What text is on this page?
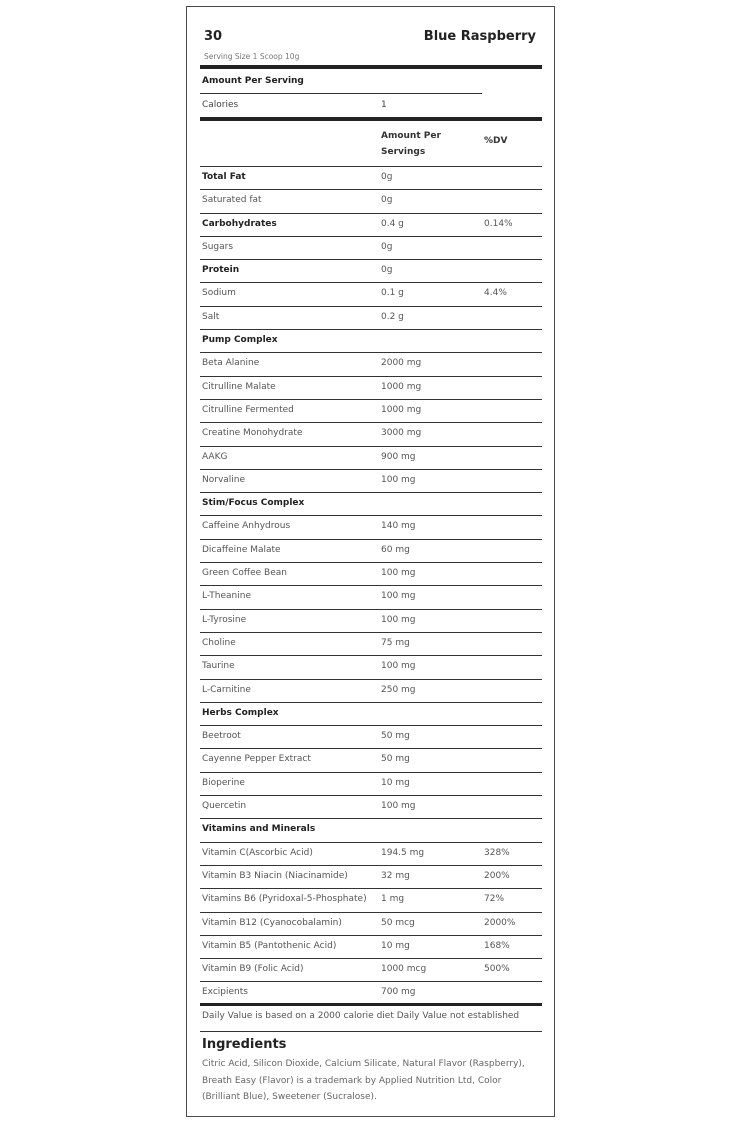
30	Blue Raspberry
Serving Size 1 Scoop 10g
Amount Per Serving
Calories	1
Amount Per Servings
%DV
Total Fat	0g
Saturated fat	0g
Carbohydrates	0.4 g	0.14%
Sugars	0g
Protein	0g
Sodium	0.1 g	4.4%
Salt	0.2 g
Pump Complex
Beta Alanine	2000 mg
Citrulline Malate	1000 mg
Citrulline Fermented	1000 mg
Creatine Monohydrate	3000 mg
AAKG	900 mg
Norvaline	100 mg
Stim/Focus Complex
Caffeine Anhydrous	140 mg
Dicaffeine Malate	60 mg
Green Coffee Bean	100 mg
L-Theanine	100 mg
L-Tyrosine	100 mg
Choline	75 mg
Taurine	100 mg
L-Carnitine	250 mg
Herbs Complex
Beetroot	50 mg
Cayenne Pepper Extract	50 mg
Bioperine	10 mg
Quercetin	100 mg
Vitamins and Minerals
Vitamin C(Ascorbic Acid)	194.5 mg	328%
Vitamin B3 Niacin (Niacinamide)	32 mg	200%
Vitamins B6 (Pyridoxal-5-Phosphate) 1 mg	72%
Vitamin B12 (Cyanocobalamin)	50 mcg	2000%
Vitamin B5 (Pantothenic Acid)	10 mg	168%
Vitamin B9 (Folic Acid)	1000 mcg	500%
Excipients	700 mg
Daily Value is based on a 2000 calorie diet Daily Value not established
Ingredients
Citric Acid, Silicon Dioxide, Calcium Silicate, Natural Flavor (Raspberry), Breath Easy (Flavor) is a trademark by Applied Nutrition Ltd, Color (Brilliant Blue), Sweetener (Sucralose).
